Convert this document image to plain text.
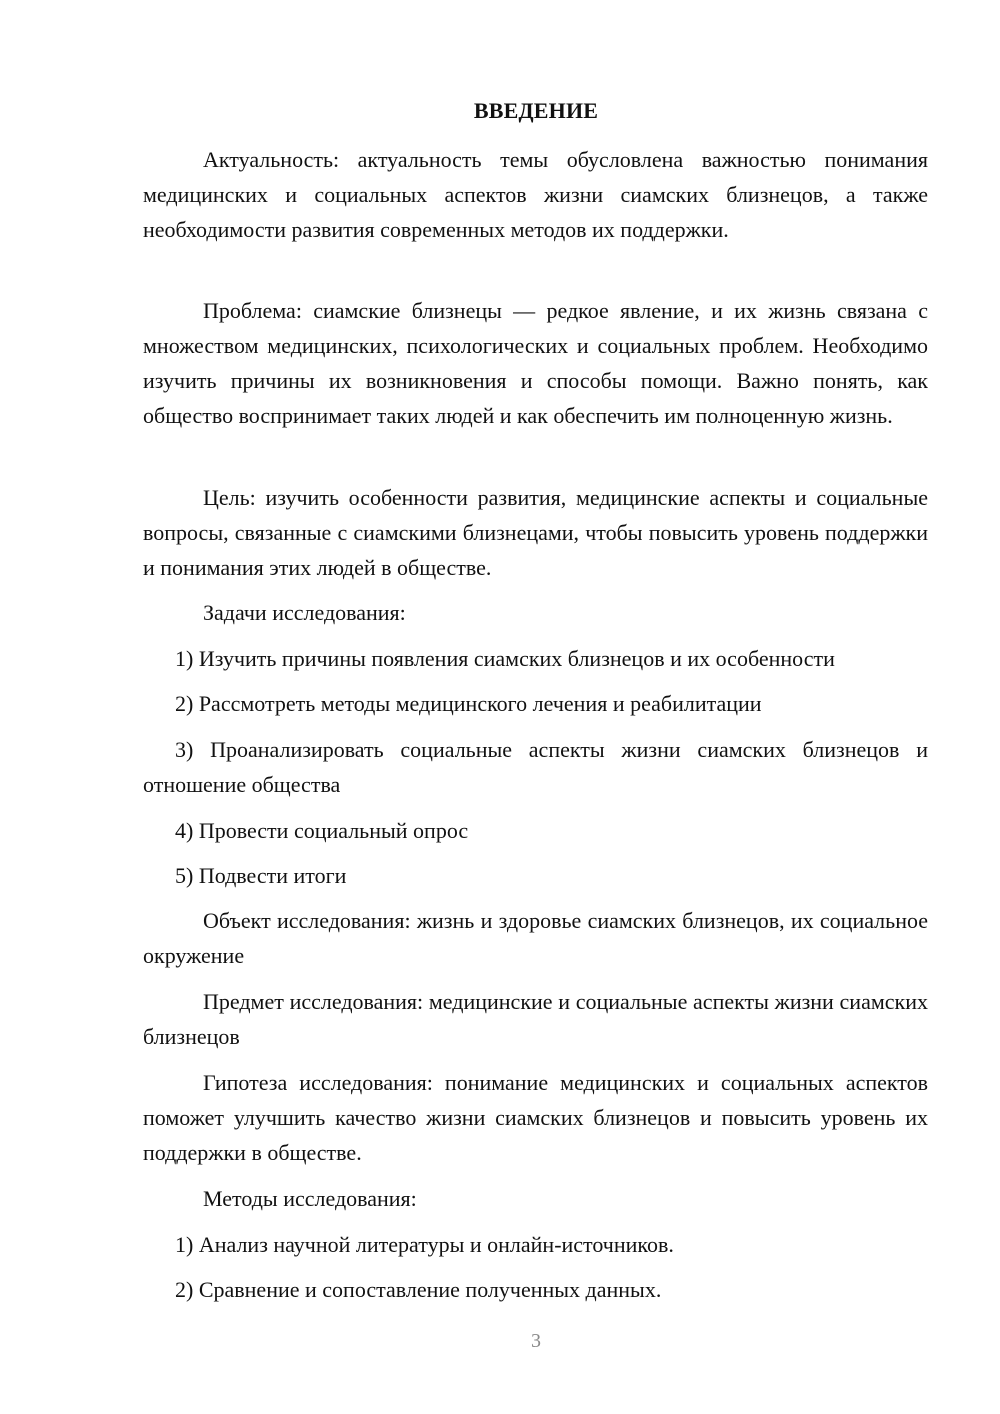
ВВЕДЕНИЕ

Актуальность: актуальность темы обусловлена важностью понимания медицинских и социальных аспектов жизни сиамских близнецов, а также необходимости развития современных методов их поддержки.

Проблема: сиамские близнецы — редкое явление, и их жизнь связана с множеством медицинских, психологических и социальных проблем. Необходимо изучить причины их возникновения и способы помощи. Важно понять, как общество воспринимает таких людей и как обеспечить им полноценную жизнь.

Цель: изучить особенности развития, медицинские аспекты и социальные вопросы, связанные с сиамскими близнецами, чтобы повысить уровень поддержки и понимания этих людей в обществе.

Задачи исследования:

1) Изучить причины появления сиамских близнецов и их особенности

2) Рассмотреть методы медицинского лечения и реабилитации

3) Проанализировать социальные аспекты жизни сиамских близнецов и отношение общества

4) Провести социальный опрос

5) Подвести итоги

Объект исследования: жизнь и здоровье сиамских близнецов, их социальное окружение

Предмет исследования: медицинские и социальные аспекты жизни сиамских близнецов

Гипотеза исследования: понимание медицинских и социальных аспектов поможет улучшить качество жизни сиамских близнецов и повысить уровень их поддержки в обществе.

Методы исследования:

1) Анализ научной литературы и онлайн-источников.

2) Сравнение и сопоставление полученных данных.

3
